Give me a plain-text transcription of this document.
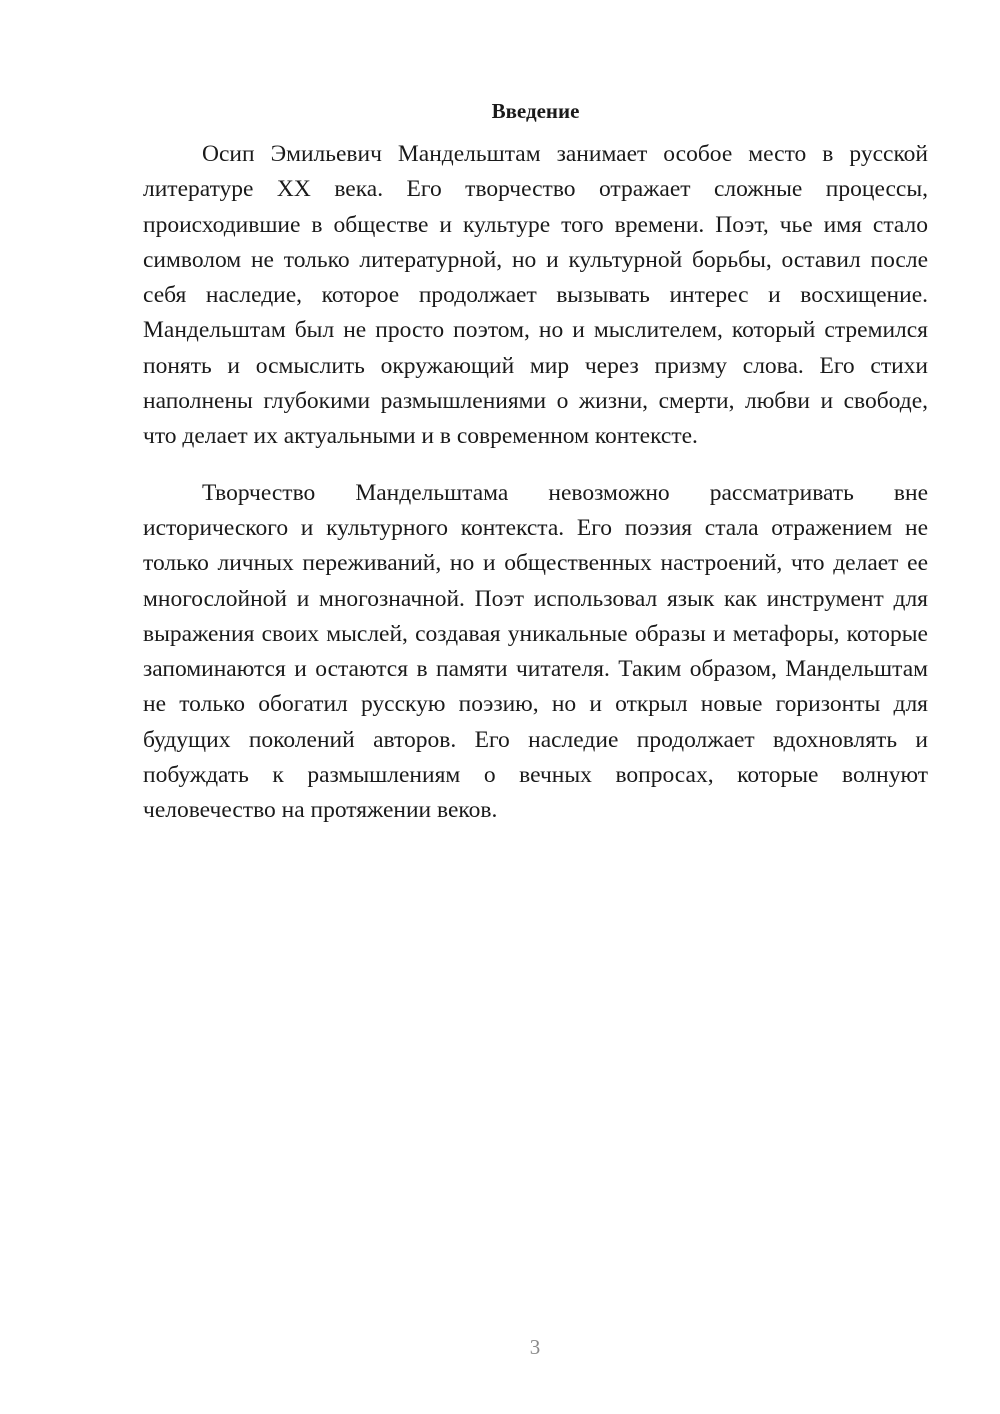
Введение

Осип Эмильевич Мандельштам занимает особое место в русской литературе XX века. Его творчество отражает сложные процессы, происходившие в обществе и культуре того времени. Поэт, чье имя стало символом не только литературной, но и культурной борьбы, оставил после себя наследие, которое продолжает вызывать интерес и восхищение. Мандельштам был не просто поэтом, но и мыслителем, который стремился понять и осмыслить окружающий мир через призму слова. Его стихи наполнены глубокими размышлениями о жизни, смерти, любви и свободе, что делает их актуальными и в современном контексте.

Творчество Мандельштама невозможно рассматривать вне исторического и культурного контекста. Его поэзия стала отражением не только личных переживаний, но и общественных настроений, что делает ее многослойной и многозначной. Поэт использовал язык как инструмент для выражения своих мыслей, создавая уникальные образы и метафоры, которые запоминаются и остаются в памяти читателя. Таким образом, Мандельштам не только обогатил русскую поэзию, но и открыл новые горизонты для будущих поколений авторов. Его наследие продолжает вдохновлять и побуждать к размышлениям о вечных вопросах, которые волнуют человечество на протяжении веков.

3
